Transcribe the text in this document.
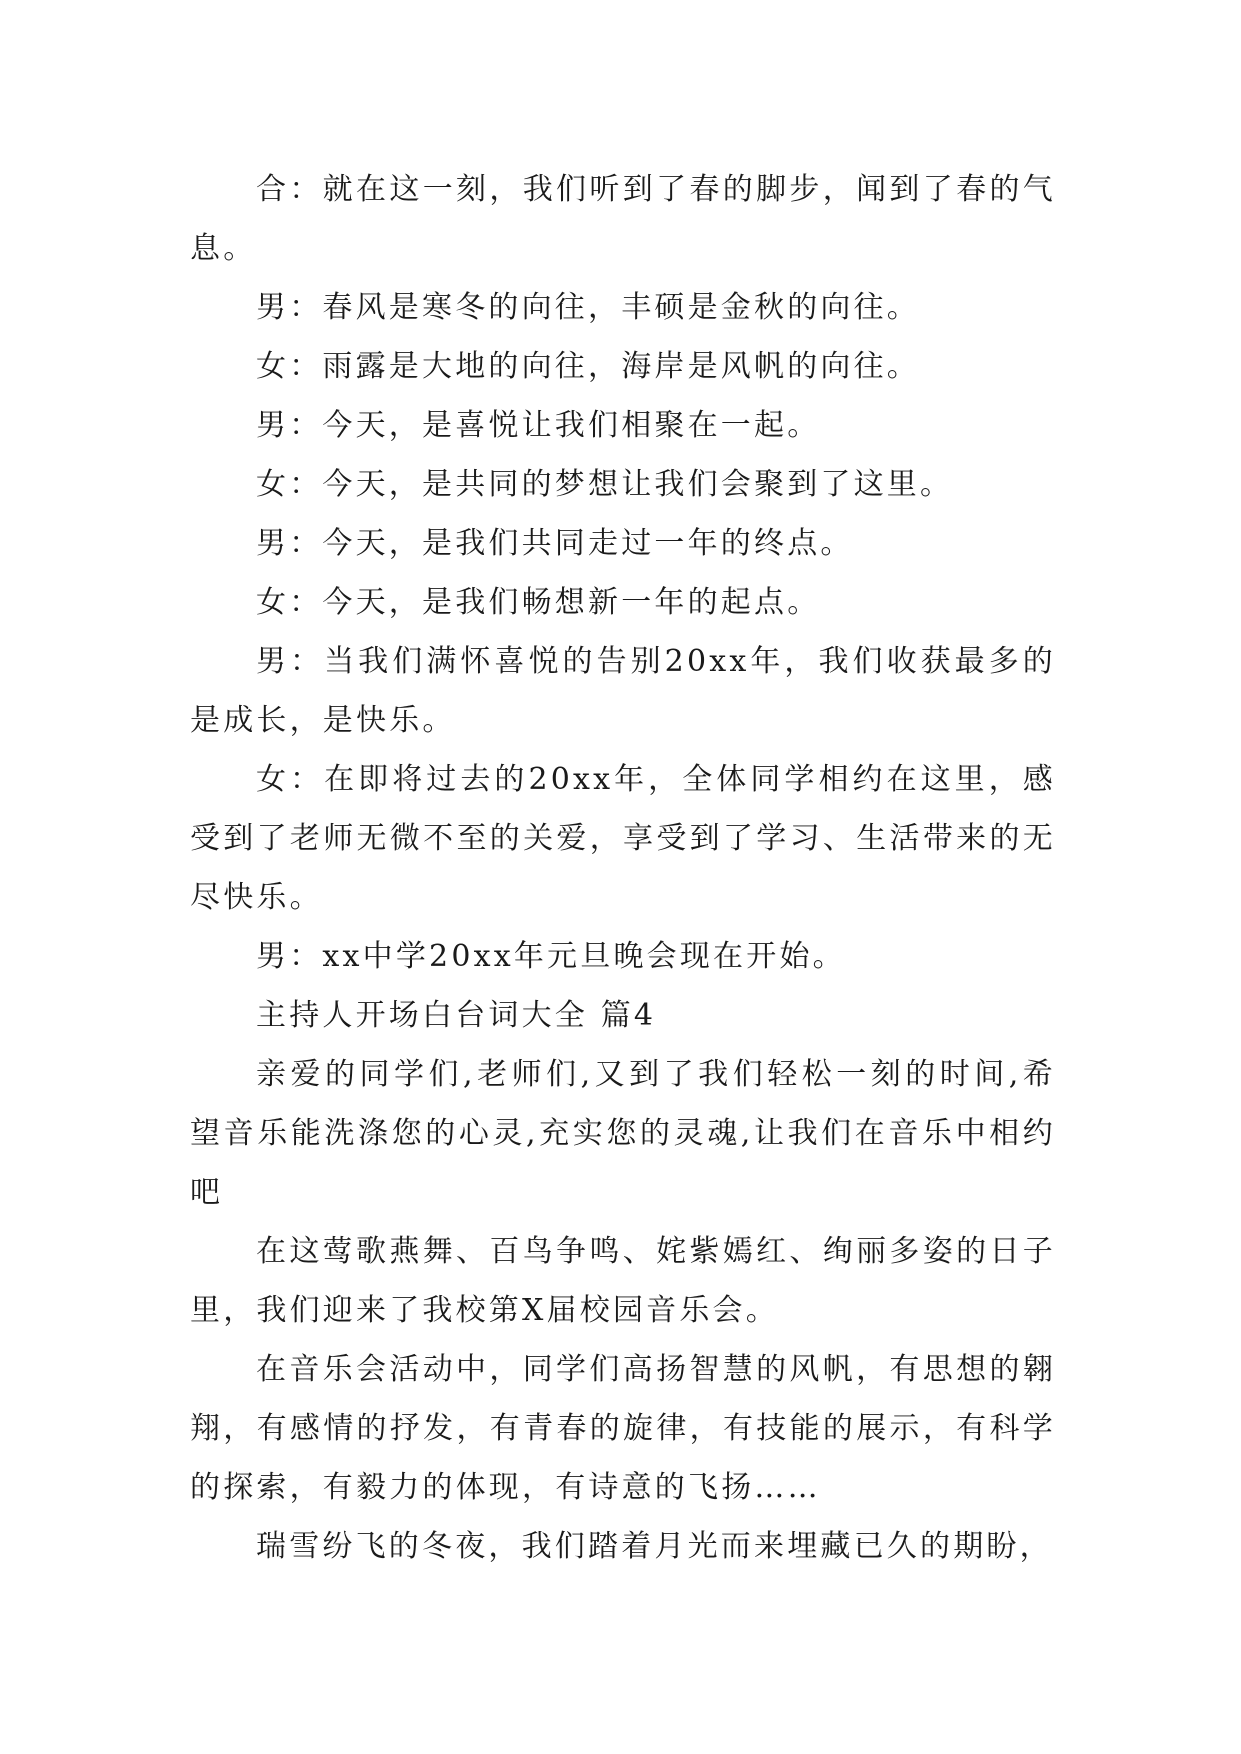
合：就在这一刻，我们听到了春的脚步，闻到了春的气息。

男：春风是寒冬的向往，丰硕是金秋的向往。

女：雨露是大地的向往，海岸是风帆的向往。

男：今天，是喜悦让我们相聚在一起。

女：今天，是共同的梦想让我们会聚到了这里。

男：今天，是我们共同走过一年的终点。

女：今天，是我们畅想新一年的起点。

男：当我们满怀喜悦的告别20xx年，我们收获最多的是成长，是快乐。

女：在即将过去的20xx年，全体同学相约在这里，感受到了老师无微不至的关爱，享受到了学习、生活带来的无尽快乐。

男：xx中学20xx年元旦晚会现在开始。

主持人开场白台词大全 篇4

亲爱的同学们,老师们,又到了我们轻松一刻的时间,希望音乐能洗涤您的心灵,充实您的灵魂,让我们在音乐中相约吧

在这莺歌燕舞、百鸟争鸣、姹紫嫣红、绚丽多姿的日子里，我们迎来了我校第X届校园音乐会。

在音乐会活动中，同学们高扬智慧的风帆，有思想的翱翔，有感情的抒发，有青春的旋律，有技能的展示，有科学的探索，有毅力的体现，有诗意的飞扬……

瑞雪纷飞的冬夜，我们踏着月光而来埋藏已久的期盼，
